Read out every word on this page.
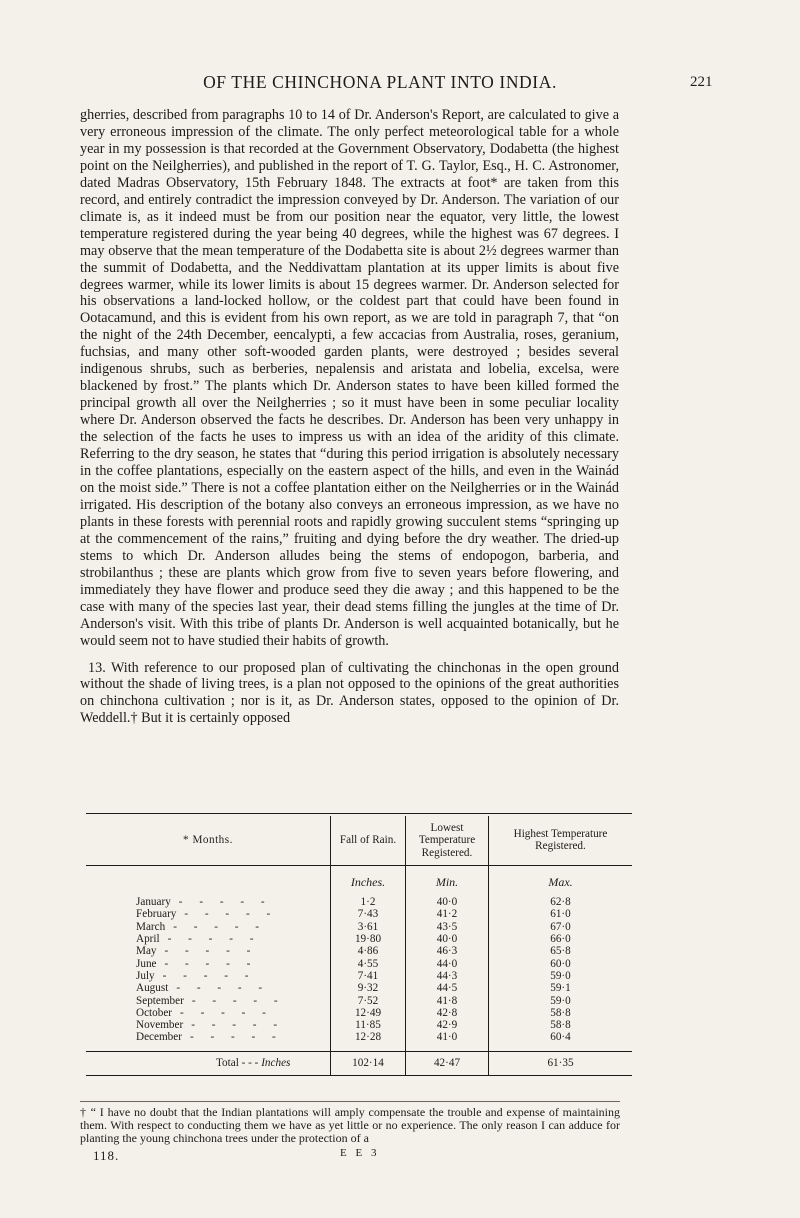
OF THE CHINCHONA PLANT INTO INDIA.	221

gherries, described from paragraphs 10 to 14 of Dr. Anderson's Report, are calculated to give a very erroneous impression of the climate. The only perfect meteorological table for a whole year in my possession is that recorded at the Government Observatory, Dodabetta (the highest point on the Neilgherries), and published in the report of T. G. Taylor, Esq., H. C. Astronomer, dated Madras Observatory, 15th February 1848. The extracts at foot* are taken from this record, and entirely contradict the impression conveyed by Dr. Anderson. The variation of our climate is, as it indeed must be from our position near the equator, very little, the lowest temperature registered during the year being 40 degrees, while the highest was 67 degrees. I may observe that the mean temperature of the Dodabetta site is about 2½ degrees warmer than the summit of Dodabetta, and the Neddivattam plantation at its upper limits is about five degrees warmer, while its lower limits is about 15 degrees warmer. Dr. Anderson selected for his observations a land-locked hollow, or the coldest part that could have been found in Ootacamund, and this is evident from his own report, as we are told in paragraph 7, that “on the night of the 24th December, eencalypti, a few accacias from Australia, roses, geranium, fuchsias, and many other soft-wooded garden plants, were destroyed ; besides several indigenous shrubs, such as berberies, nepalensis and aristata and lobelia, excelsa, were blackened by frost.” The plants which Dr. Anderson states to have been killed formed the principal growth all over the Neilgherries ; so it must have been in some peculiar locality where Dr. Anderson observed the facts he describes. Dr. Anderson has been very unhappy in the selection of the facts he uses to impress us with an idea of the aridity of this climate. Referring to the dry season, he states that “during this period irrigation is absolutely necessary in the coffee plantations, especially on the eastern aspect of the hills, and even in the Wainád on the moist side.” There is not a coffee plantation either on the Neilgherries or in the Wainád irrigated. His description of the botany also conveys an erroneous impression, as we have no plants in these forests with perennial roots and rapidly growing succulent stems “springing up at the commencement of the rains,” fruiting and dying before the dry weather. The dried-up stems to which Dr. Anderson alludes being the stems of endopogon, barberia, and strobilanthus ; these are plants which grow from five to seven years before flowering, and immediately they have flower and produce seed they die away ; and this happened to be the case with many of the species last year, their dead stems filling the jungles at the time of Dr. Anderson's visit. With this tribe of plants Dr. Anderson is well acquainted botanically, but he would seem not to have studied their habits of growth.

13. With reference to our proposed plan of cultivating the chinchonas in the open ground without the shade of living trees, is a plan not opposed to the opinions of the great authorities on chinchona cultivation ; nor is it, as Dr. Anderson states, opposed to the opinion of Dr. Weddell.† But it is certainly opposed

* Months.	Fall of Rain.	Lowest Temperature Registered.	Highest Temperature Registered.
	Inches.	Min.	Max.
January - - - - -	1·2	40·0	62·8
February - - - - -	7·43	41·2	61·0
March - - - - -	3·61	43·5	67·0
April - - - - -	19·80	40·0	66·0
May - - - - -	4·86	46·3	65·8
June - - - - -	4·55	44·0	60·0
July - - - - -	7·41	44·3	59·0
August - - - - -	9·32	44·5	59·1
September - - - - -	7·52	41·8	59·0
October - - - - -	12·49	42·8	58·8
November - - - - -	11·85	42·9	58·8
December - - - - -	12·28	41·0	60·4
Total - - - Inches	102·14	42·47	61·35
† “ I have no doubt that the Indian plantations will amply compensate the trouble and expense of maintaining them. With respect to conducting them we have as yet little or no experience. The only reason I can adduce for planting the young chinchona trees under the protection of a
118.	E E 3
